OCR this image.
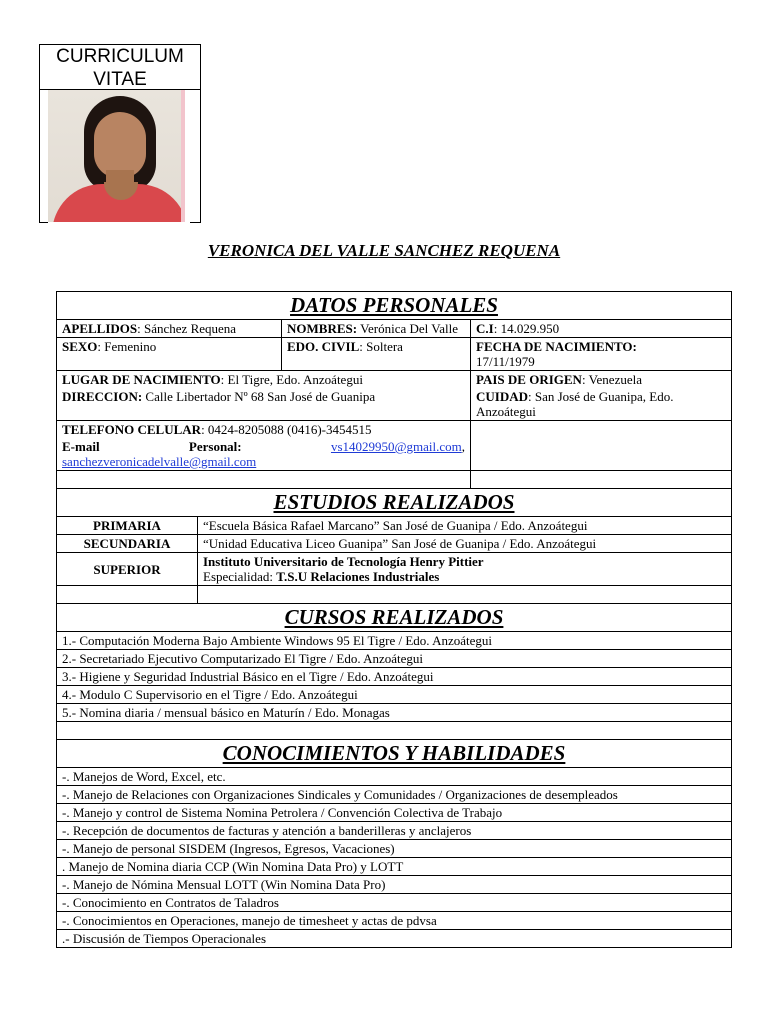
CURRICULUM
VITAE
VERONICA DEL VALLE SANCHEZ REQUENA
DATOS PERSONALES			
APELLIDOS: Sánchez Requena		NOMBRES: Verónica Del Valle	C.I: 14.029.950
SEXO: Femenino		EDO. CIVIL: Soltera	FECHA DE NACIMIENTO:
17/11/1979
LUGAR DE NACIMIENTO: El Tigre, Edo. Anzoátegui			PAIS DE ORIGEN: Venezuela
DIRECCION: Calle Libertador Nº 68 San José de Guanipa			CUIDAD: San José de Guanipa, Edo. Anzoátegui
TELEFONO CELULAR: 0424-8205088 (0416)-3454515			

E-mail Personal: vs14029950@gmail.com,
sanchezveronicadelvalle@gmail.com			

ESTUDIOS REALIZADOS			
PRIMARIA	“Escuela Básica Rafael Marcano” San José de Guanipa / Edo. Anzoátegui		
SECUNDARIA	“Unidad Educativa Liceo Guanipa” San José de Guanipa / Edo. Anzoátegui		
SUPERIOR	Instituto Universitario de Tecnología Henry Pittier
Especialidad: T.S.U Relaciones Industriales		

CURSOS REALIZADOS			
1.- Computación Moderna Bajo Ambiente Windows 95 El Tigre / Edo. Anzoátegui			
2.- Secretariado Ejecutivo Computarizado El Tigre / Edo. Anzoátegui			
3.- Higiene y Seguridad Industrial Básico en el Tigre / Edo. Anzoátegui			
4.- Modulo C Supervisorio en el Tigre / Edo. Anzoátegui			
5.- Nomina diaria / mensual básico en Maturín / Edo. Monagas			

CONOCIMIENTOS Y HABILIDADES			
-. Manejos de Word, Excel, etc.			
-. Manejo de Relaciones con Organizaciones Sindicales y Comunidades / Organizaciones de desempleados			
-. Manejo y control de Sistema Nomina Petrolera / Convención Colectiva de Trabajo			
-. Recepción de documentos de facturas y atención a banderilleras y anclajeros			
-. Manejo de personal SISDEM (Ingresos, Egresos, Vacaciones)			
. Manejo de Nomina diaria CCP (Win Nomina Data Pro) y LOTT			
-. Manejo de Nómina Mensual LOTT (Win Nomina Data Pro)			
-. Conocimiento en Contratos de Taladros			
-. Conocimientos en Operaciones, manejo de timesheet y actas de pdvsa			
.- Discusión de Tiempos Operacionales			
